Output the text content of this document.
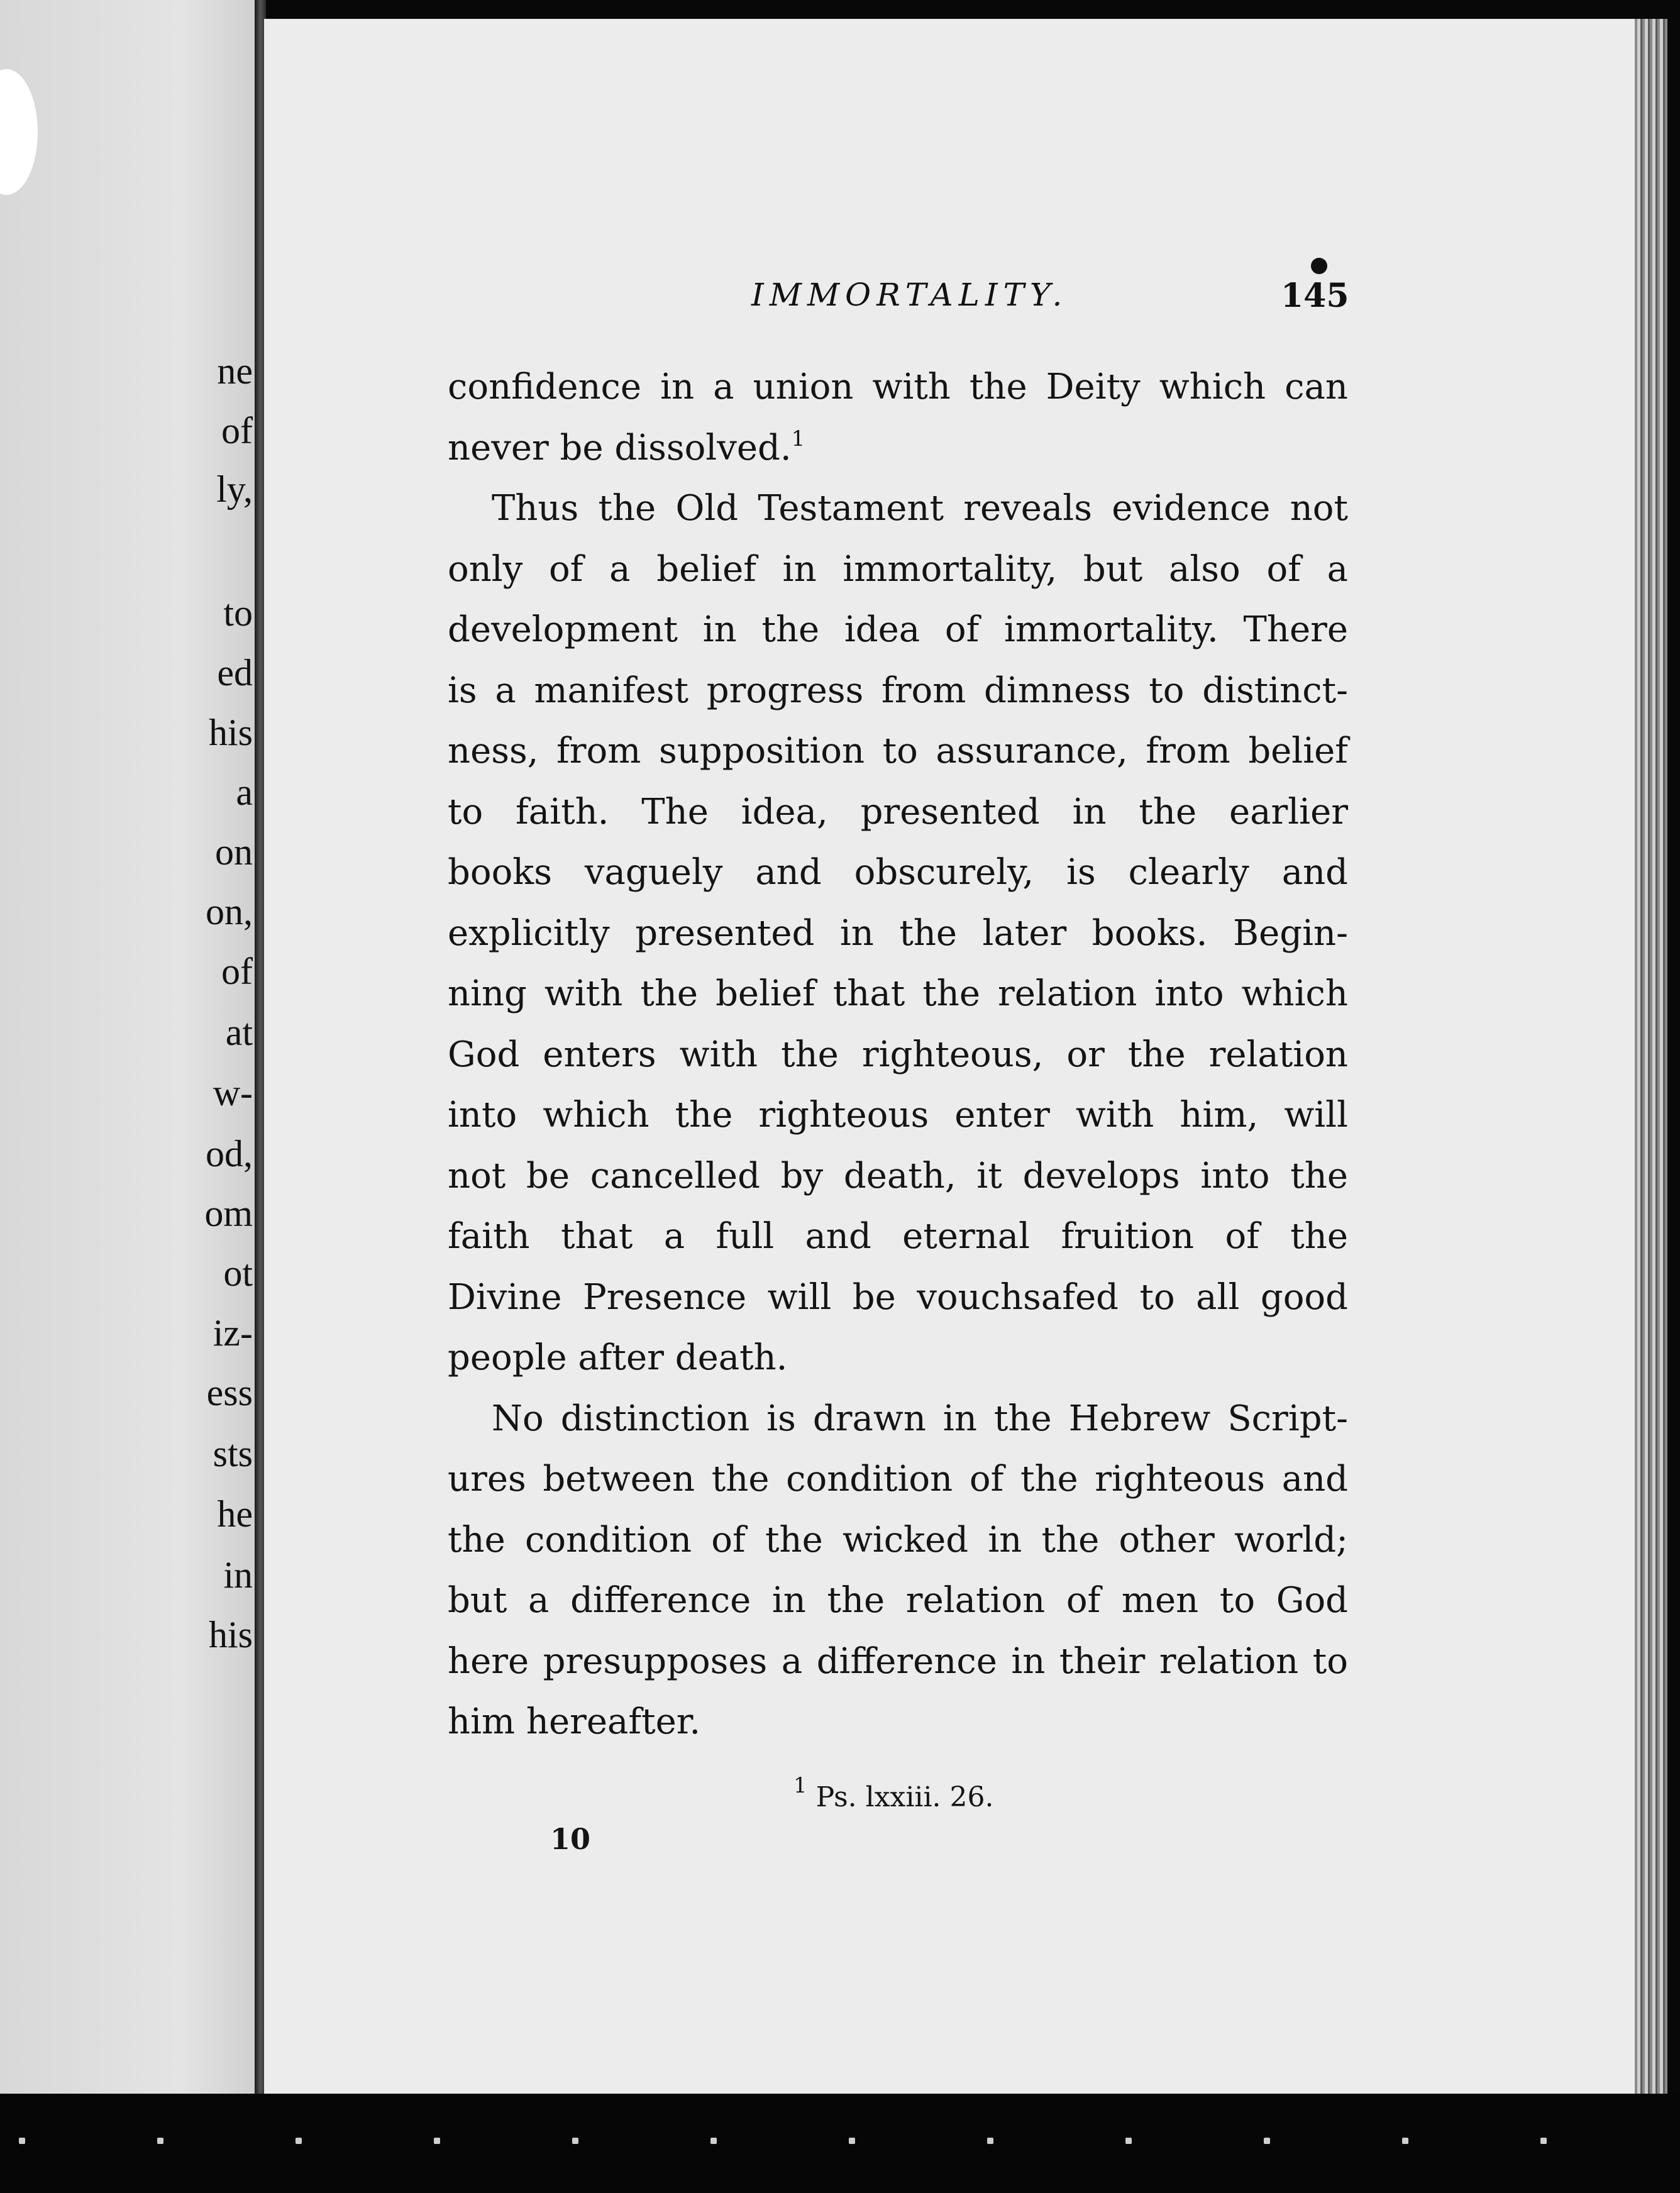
ne

of

ly,

to

ed

his

a

on

on,

of

at

w-

od,

om

ot

iz-

ess

sts

he

in

his

IMMORTALITY.	145
confidence in a union with the Deity which can
never be dissolved.$^1$
Thus the Old Testament reveals evidence not
only of a belief in immortality, but also of a
development in the idea of immortality. There
is a manifest progress from dimness to distinct-
ness, from supposition to assurance, from belief
to faith. The idea, presented in the earlier
books vaguely and obscurely, is clearly and
explicitly presented in the later books. Begin-
ning with the belief that the relation into which
God enters with the righteous, or the relation
into which the righteous enter with him, will
not be cancelled by death, it develops into the
faith that a full and eternal fruition of the
Divine Presence will be vouchsafed to all good
people after death.
No distinction is drawn in the Hebrew Script-
ures between the condition of the righteous and
the condition of the wicked in the other world;
but a difference in the relation of men to God
here presupposes a difference in their relation to
him hereafter.
$^1$ Ps. lxxiii. 26.
10
